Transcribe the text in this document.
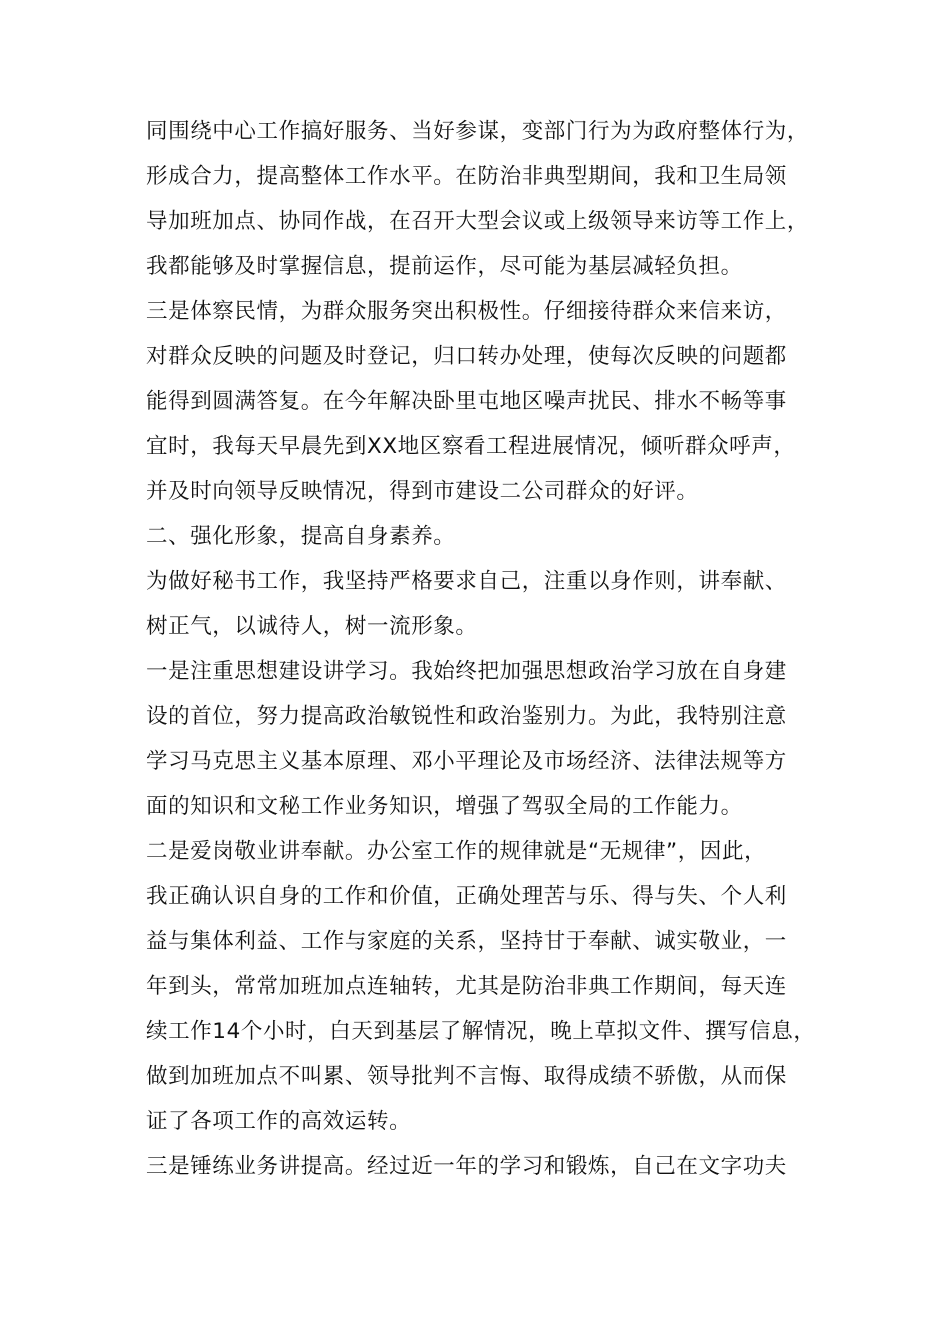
同围绕中心工作搞好服务、当好参谋，变部门行为为政府整体行为，
形成合力，提高整体工作水平。在防治非典型期间，我和卫生局领
导加班加点、协同作战，在召开大型会议或上级领导来访等工作上，
我都能够及时掌握信息，提前运作，尽可能为基层减轻负担。
三是体察民情，为群众服务突出积极性。仔细接待群众来信来访，
对群众反映的问题及时登记，归口转办处理，使每次反映的问题都
能得到圆满答复。在今年解决卧里屯地区噪声扰民、排水不畅等事
宜时，我每天早晨先到XX地区察看工程进展情况，倾听群众呼声，
并及时向领导反映情况，得到市建设二公司群众的好评。
二、强化形象，提高自身素养。
为做好秘书工作，我坚持严格要求自己，注重以身作则，讲奉献、
树正气，以诚待人，树一流形象。
一是注重思想建设讲学习。我始终把加强思想政治学习放在自身建
设的首位，努力提高政治敏锐性和政治鉴别力。为此，我特别注意
学习马克思主义基本原理、邓小平理论及市场经济、法律法规等方
面的知识和文秘工作业务知识，增强了驾驭全局的工作能力。
二是爱岗敬业讲奉献。办公室工作的规律就是“无规律”，因此，
我正确认识自身的工作和价值，正确处理苦与乐、得与失、个人利
益与集体利益、工作与家庭的关系，坚持甘于奉献、诚实敬业，一
年到头，常常加班加点连轴转，尤其是防治非典工作期间，每天连
续工作14个小时，白天到基层了解情况，晚上草拟文件、撰写信息，
做到加班加点不叫累、领导批判不言悔、取得成绩不骄傲，从而保
证了各项工作的高效运转。
三是锤练业务讲提高。经过近一年的学习和锻炼，自己在文字功夫
